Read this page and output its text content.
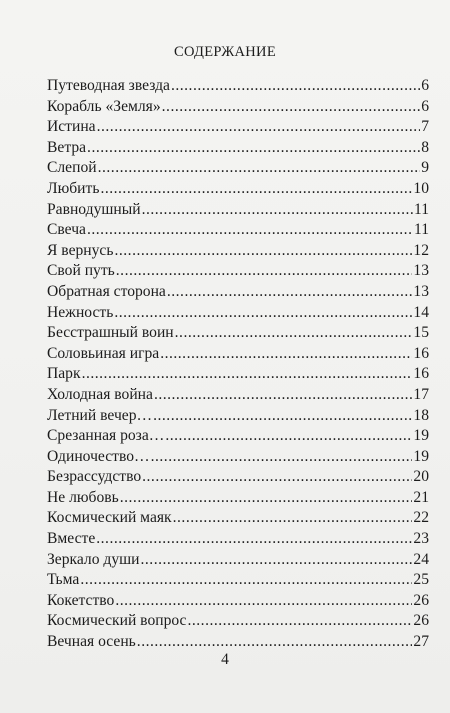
СОДЕРЖАНИЕ
Путеводная звезда .....	6
Корабль «Земля» .....	6
Истина .....	7
Ветра .....	8
Слепой .....	9
Любить .....	10
Равнодушный .....	11
Свеча .....	11
Я вернусь .....	12
Свой путь .....	13
Обратная сторона .....	13
Нежность .....	14
Бесстрашный воин .....	15
Соловьиная игра .....	16
Парк .....	16
Холодная война .....	17
Летний вечер… .....	18
Срезанная роза… .....	19
Одиночество… .....	19
Безрассудство .....	20
Не любовь .....	21
Космический маяк .....	22
Вместе .....	23
Зеркало души .....	24
Тьма .....	25
Кокетство .....	26
Космический вопрос .....	26
Вечная осень .....	27
4
